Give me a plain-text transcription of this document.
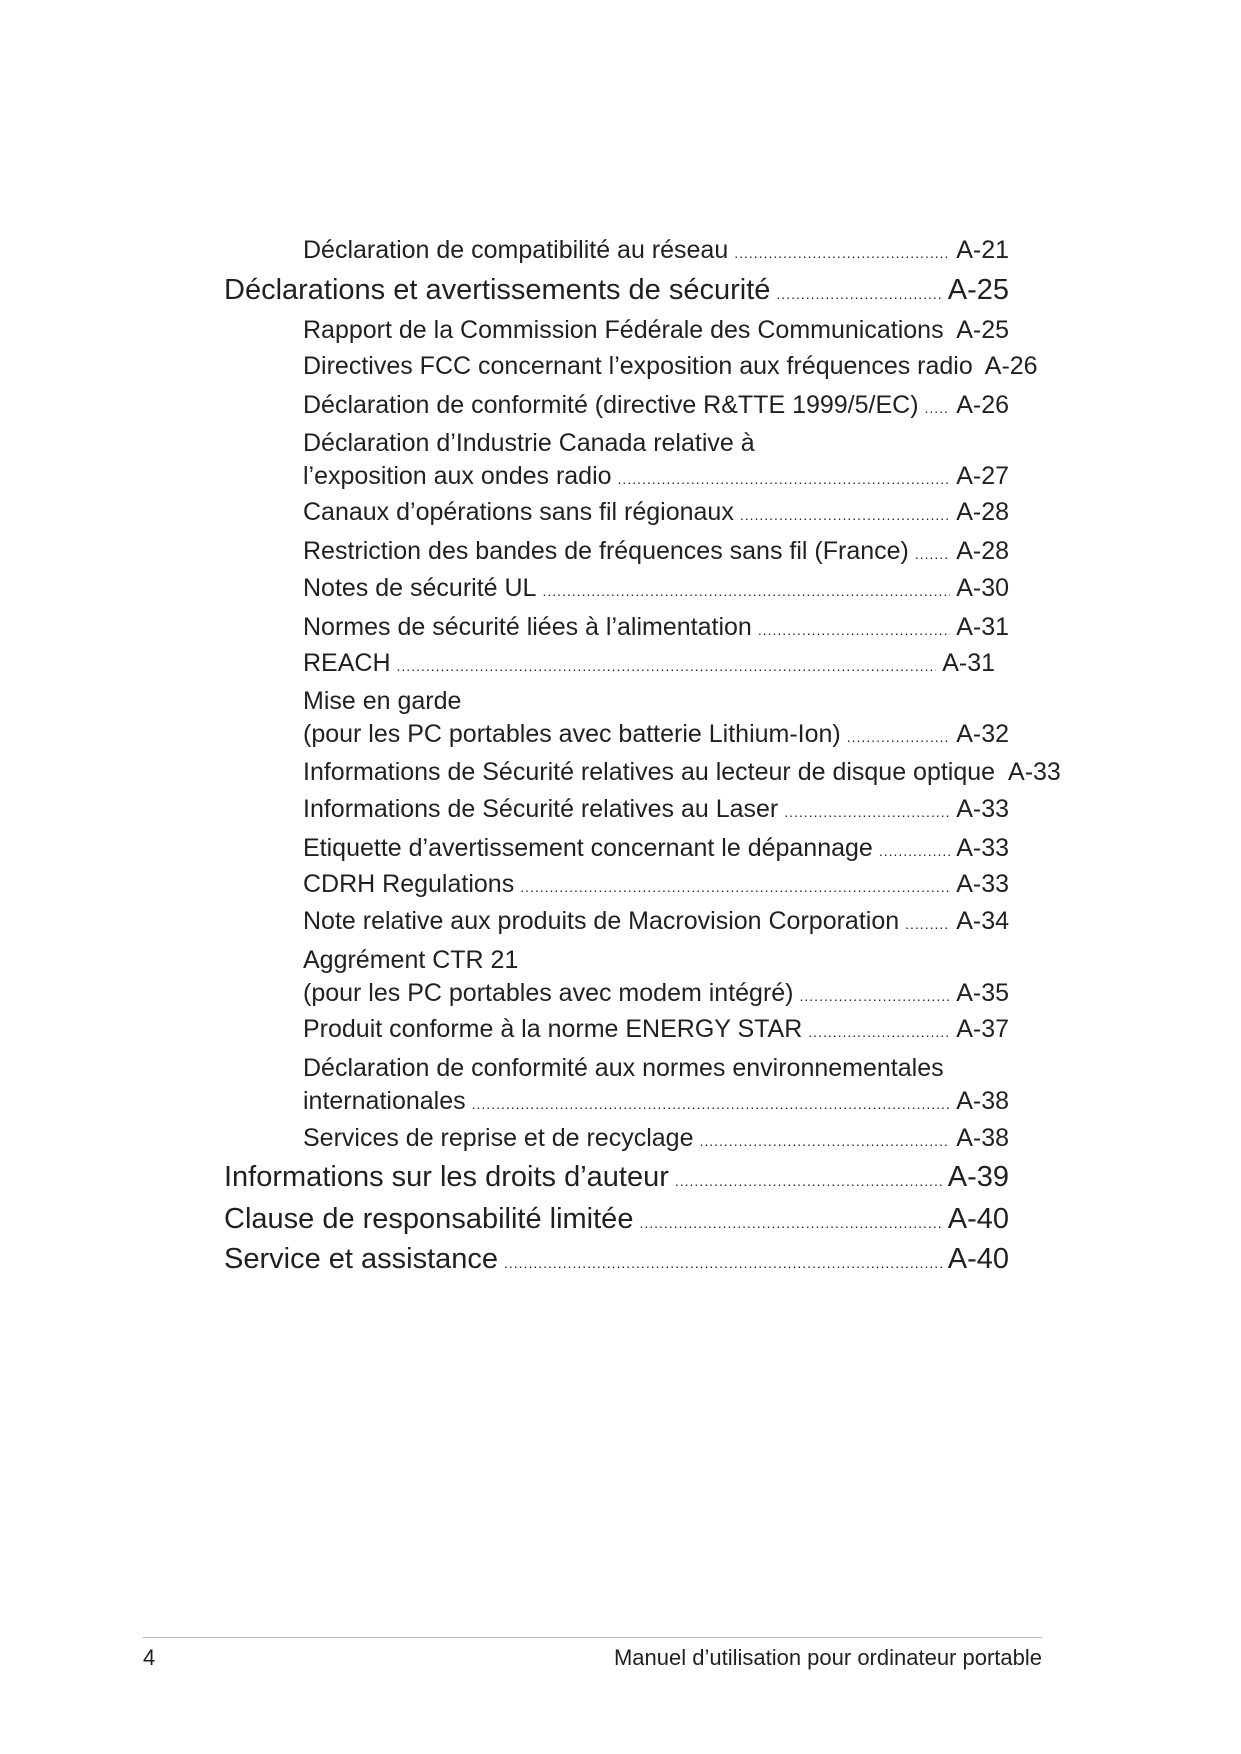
Déclaration de compatibilité au réseau .....	A-21
Déclarations et avertissements de sécurité .....	A-25
Rapport de la Commission Fédérale des Communications ..... A-25
Directives FCC concernant l’exposition aux fréquences radio A-26
Déclaration de conformité (directive R&TTE 1999/5/EC) ..... A-26
Déclaration d’Industrie Canada relative à
l’exposition aux ondes radio .....	A-27
Canaux d’opérations sans fil régionaux .....	A-28
Restriction des bandes de fréquences sans fil (France) ..... A-28
Notes de sécurité UL .....	A-30
Normes de sécurité liées à l’alimentation .....	A-31
REACH .....	A-31
Mise en garde
(pour les PC portables avec batterie Lithium-Ion) .....	A-32
Informations de Sécurité relatives au lecteur de disque optique A-33
Informations de Sécurité relatives au Laser .....	A-33
Etiquette d’avertissement concernant le dépannage .....	A-33
CDRH Regulations .....	A-33
Note relative aux produits de Macrovision Corporation ..... A-34
Aggrément CTR 21
(pour les PC portables avec modem intégré) .....	A-35
Produit conforme à la norme ENERGY STAR .....	A-37
Déclaration de conformité aux normes environnementales
internationales .....	A-38
Services de reprise et de recyclage .....	A-38
Informations sur les droits d’auteur .....	A-39
Clause de responsabilité limitée .....	A-40
Service et assistance .....	A-40
4	Manuel d’utilisation pour ordinateur portable
